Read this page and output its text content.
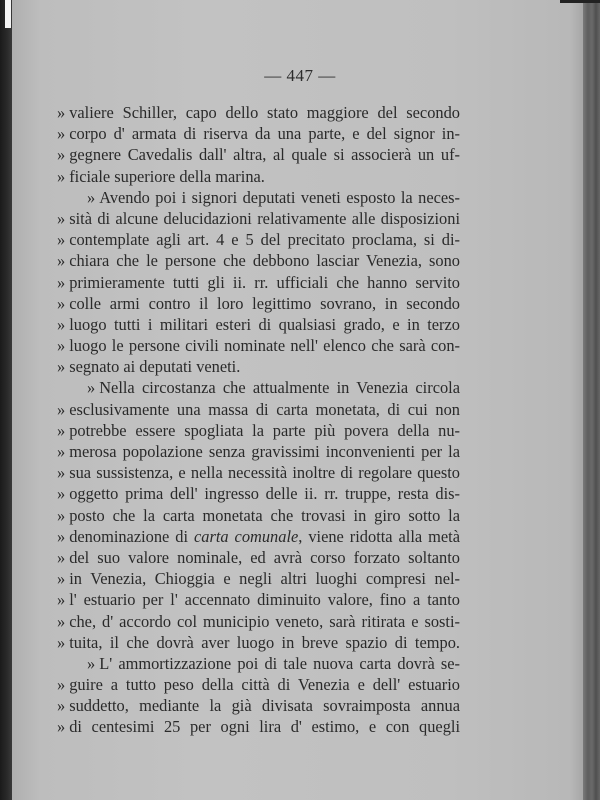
— 447 —
» valiere Schiller, capo dello stato maggiore del secondo
» corpo d' armata di riserva da una parte, e del signor in-
» gegnere Cavedalis dall' altra, al quale si associerà un uf-
» ficiale superiore della marina.
» Avendo poi i signori deputati veneti esposto la neces-
» sità di alcune delucidazioni relativamente alle disposizioni
» contemplate agli art. 4 e 5 del precitato proclama, si di-
» chiara che le persone che debbono lasciar Venezia, sono
» primieramente tutti gli ii. rr. ufficiali che hanno servito
» colle armi contro il loro legittimo sovrano, in secondo
» luogo tutti i militari esteri di qualsiasi grado, e in terzo
» luogo le persone civili nominate nell' elenco che sarà con-
» segnato ai deputati veneti.
» Nella circostanza che attualmente in Venezia circola
» esclusivamente una massa di carta monetata, di cui non
» potrebbe essere spogliata la parte più povera della nu-
» merosa popolazione senza gravissimi inconvenienti per la
» sua sussistenza, e nella necessità inoltre di regolare questo
» oggetto prima dell' ingresso delle ii. rr. truppe, resta dis-
» posto che la carta monetata che trovasi in giro sotto la
» denominazione di carta comunale, viene ridotta alla metà
» del suo valore nominale, ed avrà corso forzato soltanto
» in Venezia, Chioggia e negli altri luoghi compresi nel-
» l' estuario per l' accennato diminuito valore, fino a tanto
» che, d' accordo col municipio veneto, sarà ritirata e sosti-
» tuita, il che dovrà aver luogo in breve spazio di tempo.
» L' ammortizzazione poi di tale nuova carta dovrà se-
» guire a tutto peso della città di Venezia e dell' estuario
» suddetto, mediante la già divisata sovraimposta annua
» di centesimi 25 per ogni lira d' estimo, e con quegli
